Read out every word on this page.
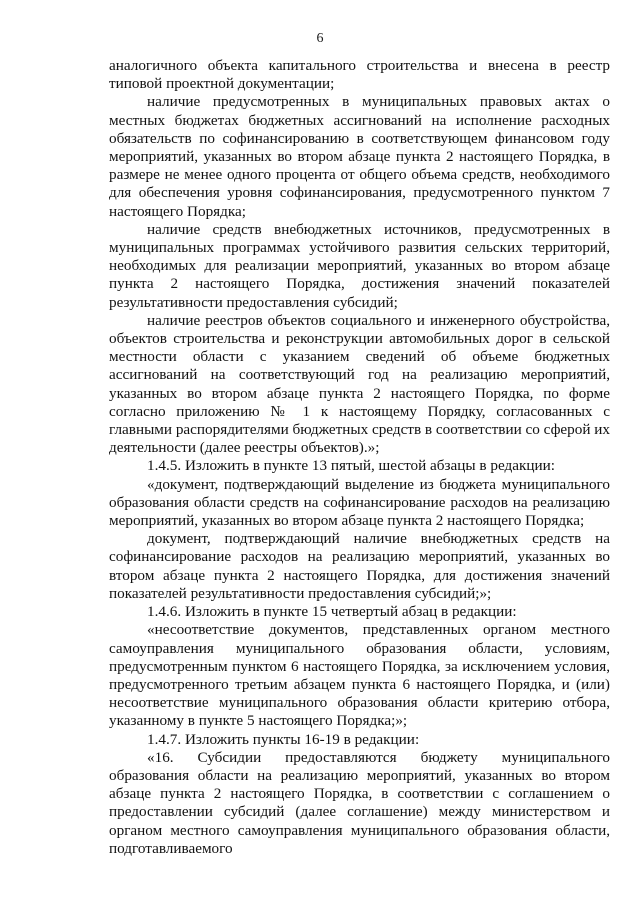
6

аналогичного объекта капитального строительства и внесена в реестр типовой проектной документации;

наличие предусмотренных в муниципальных правовых актах о местных бюджетах бюджетных ассигнований на исполнение расходных обязательств по софинансированию в соответствующем финансовом году мероприятий, указанных во втором абзаце пункта 2 настоящего Порядка, в размере не менее одного процента от общего объема средств, необходимого для обеспечения уровня софинансирования, предусмотренного пунктом 7 настоящего Порядка;

наличие средств внебюджетных источников, предусмотренных в муниципальных программах устойчивого развития сельских территорий, необходимых для реализации мероприятий, указанных во втором абзаце пункта 2 настоящего Порядка, достижения значений показателей результативности предоставления субсидий;

наличие реестров объектов социального и инженерного обустройства, объектов строительства и реконструкции автомобильных дорог в сельской местности области с указанием сведений об объеме бюджетных ассигнований на соответствующий год на реализацию мероприятий, указанных во втором абзаце пункта 2 настоящего Порядка, по форме согласно приложению № 1 к настоящему Порядку, согласованных с главными распорядителями бюджетных средств в соответствии со сферой их деятельности (далее реестры объектов).»;

1.4.5. Изложить в пункте 13 пятый, шестой абзацы в редакции:

«документ, подтверждающий выделение из бюджета муниципального образования области средств на софинансирование расходов на реализацию мероприятий, указанных во втором абзаце пункта 2 настоящего Порядка;

документ, подтверждающий наличие внебюджетных средств на софинансирование расходов на реализацию мероприятий, указанных во втором абзаце пункта 2 настоящего Порядка, для достижения значений показателей результативности предоставления субсидий;»;

1.4.6. Изложить в пункте 15 четвертый абзац в редакции:

«несоответствие документов, представленных органом местного самоуправления муниципального образования области, условиям, предусмотренным пунктом 6 настоящего Порядка, за исключением условия, предусмотренного третьим абзацем пункта 6 настоящего Порядка, и (или) несоответствие муниципального образования области критерию отбора, указанному в пункте 5 настоящего Порядка;»;

1.4.7. Изложить пункты 16-19 в редакции:

«16. Субсидии предоставляются бюджету муниципального образования области на реализацию мероприятий, указанных во втором абзаце пункта 2 настоящего Порядка, в соответствии с соглашением о предоставлении субсидий (далее соглашение) между министерством и органом местного самоуправления муниципального образования области, подготавливаемого
